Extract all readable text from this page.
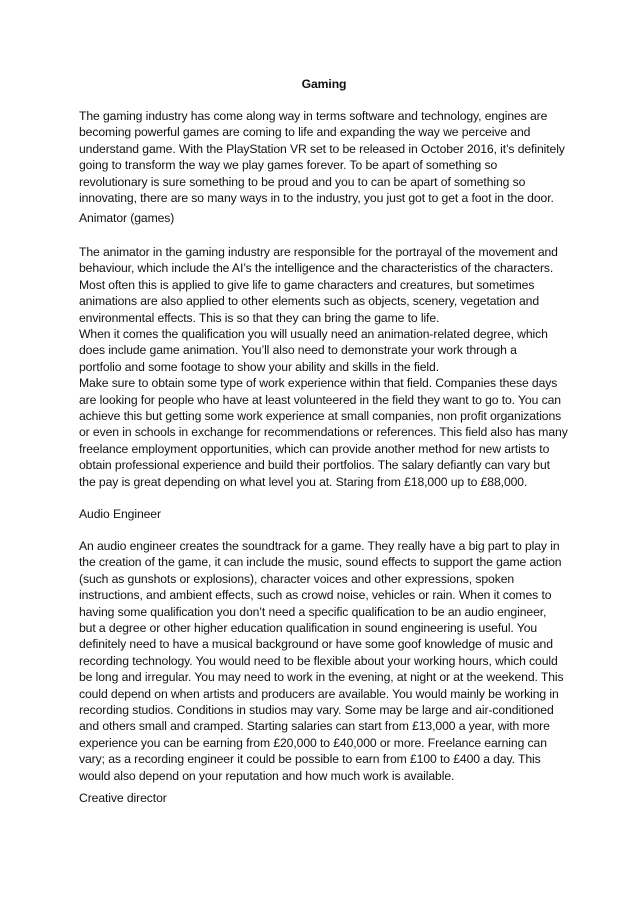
Gaming

The gaming industry has come along way in terms software and technology, engines are
becoming powerful games are coming to life and expanding the way we perceive and
understand game. With the PlayStation VR set to be released in October 2016, it’s definitely
going to transform the way we play games forever. To be apart of something so
revolutionary is sure something to be proud and you to can be apart of something so
innovating, there are so many ways in to the industry, you just got to get a foot in the door.

Animator (games)

The animator in the gaming industry are responsible for the portrayal of the movement and
behaviour, which include the AI’s the intelligence and the characteristics of the characters.
Most often this is applied to give life to game characters and creatures, but sometimes
animations are also applied to other elements such as objects, scenery, vegetation and
environmental effects. This is so that they can bring the game to life.
When it comes the qualification you will usually need an animation-related degree, which
does include game animation. You’ll also need to demonstrate your work through a
portfolio and some footage to show your ability and skills in the field.
Make sure to obtain some type of work experience within that field. Companies these days
are looking for people who have at least volunteered in the field they want to go to. You can
achieve this but getting some work experience at small companies, non profit organizations
or even in schools in exchange for recommendations or references. This field also has many
freelance employment opportunities, which can provide another method for new artists to
obtain professional experience and build their portfolios. The salary defiantly can vary but
the pay is great depending on what level you at. Staring from £18,000 up to £88,000.

Audio Engineer

An audio engineer creates the soundtrack for a game. They really have a big part to play in
the creation of the game, it can include the music, sound effects to support the game action
(such as gunshots or explosions), character voices and other expressions, spoken
instructions, and ambient effects, such as crowd noise, vehicles or rain. When it comes to
having some qualification you don’t need a specific qualification to be an audio engineer,
but a degree or other higher education qualification in sound engineering is useful. You
definitely need to have a musical background or have some goof knowledge of music and
recording technology. You would need to be flexible about your working hours, which could
be long and irregular. You may need to work in the evening, at night or at the weekend. This
could depend on when artists and producers are available. You would mainly be working in
recording studios. Conditions in studios may vary. Some may be large and air-conditioned
and others small and cramped. Starting salaries can start from £13,000 a year, with more
experience you can be earning from £20,000 to £40,000 or more. Freelance earning can
vary; as a recording engineer it could be possible to earn from £100 to £400 a day. This
would also depend on your reputation and how much work is available.

Creative director
